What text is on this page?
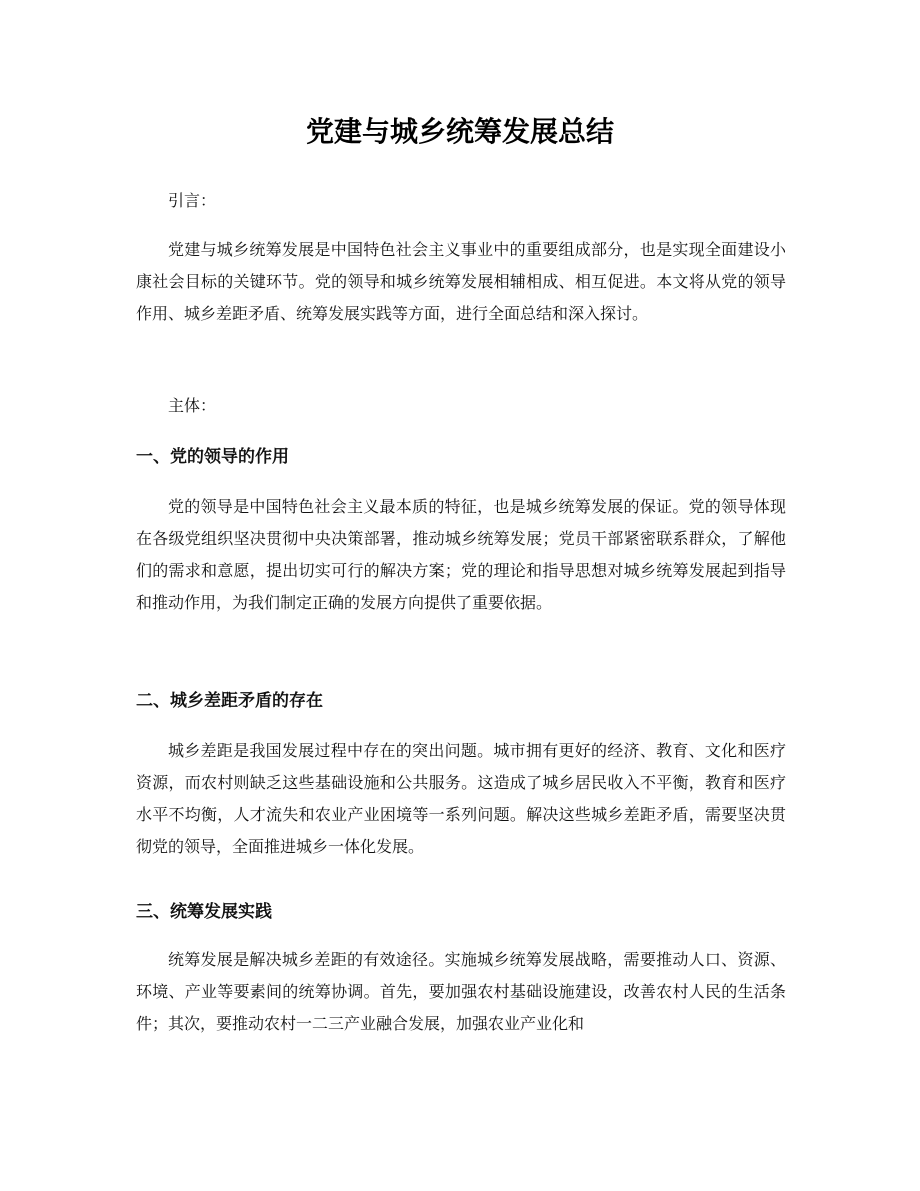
党建与城乡统筹发展总结

引言：

党建与城乡统筹发展是中国特色社会主义事业中的重要组成部分，也是实现全面建设小康社会目标的关键环节。党的领导和城乡统筹发展相辅相成、相互促进。本文将从党的领导作用、城乡差距矛盾、统筹发展实践等方面，进行全面总结和深入探讨。

主体：

一、党的领导的作用

党的领导是中国特色社会主义最本质的特征，也是城乡统筹发展的保证。党的领导体现在各级党组织坚决贯彻中央决策部署，推动城乡统筹发展；党员干部紧密联系群众，了解他们的需求和意愿，提出切实可行的解决方案；党的理论和指导思想对城乡统筹发展起到指导和推动作用，为我们制定正确的发展方向提供了重要依据。

二、城乡差距矛盾的存在

城乡差距是我国发展过程中存在的突出问题。城市拥有更好的经济、教育、文化和医疗资源，而农村则缺乏这些基础设施和公共服务。这造成了城乡居民收入不平衡，教育和医疗水平不均衡，人才流失和农业产业困境等一系列问题。解决这些城乡差距矛盾，需要坚决贯彻党的领导，全面推进城乡一体化发展。

三、统筹发展实践

统筹发展是解决城乡差距的有效途径。实施城乡统筹发展战略，需要推动人口、资源、环境、产业等要素间的统筹协调。首先，要加强农村基础设施建设，改善农村人民的生活条件；其次，要推动农村一二三产业融合发展，加强农业产业化和
